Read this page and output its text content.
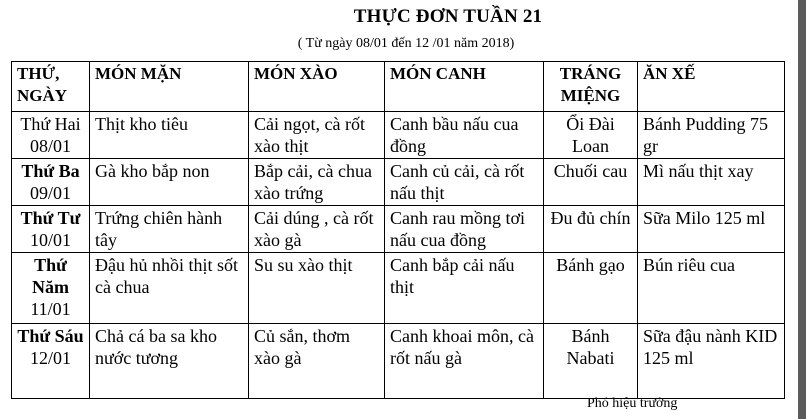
THỰC ĐƠN TUẦN 21
( Từ ngày 08/01 đến 12 /01 năm 2018)
THỨ, NGÀY	MÓN MẶN	MÓN XÀO	MÓN CANH	TRÁNG MIỆNG	ĂN XẾ

Thứ Hai
08/01	Thịt kho tiêu	Cải ngọt, cà rốt xào thịt	Canh bầu nấu cua đồng	Ổi Đài Loan	Bánh Pudding 75 gr

Thứ Ba
09/01	Gà kho bắp non	Bắp cải, cà chua xào trứng	Canh củ cải, cà rốt nấu thịt	Chuối cau	Mì nấu thịt xay

Thứ Tư
10/01	Trứng chiên hành tây	Cải dúng , cà rốt xào gà	Canh rau mồng tơi nấu cua đồng	Đu đủ chín	Sữa Milo 125 ml

Thứ Năm
11/01	Đậu hủ nhồi thịt sốt cà chua	Su su xào thịt	Canh bắp cải nấu thịt	Bánh gạo	Bún riêu cua

Thứ Sáu
12/01	Chả cá ba sa kho nước tương	Củ sắn, thơm xào gà	Canh khoai môn, cà rốt nấu gà	Bánh Nabati	Sữa đậu nành KID 125 ml
Phó hiệu trưởng
